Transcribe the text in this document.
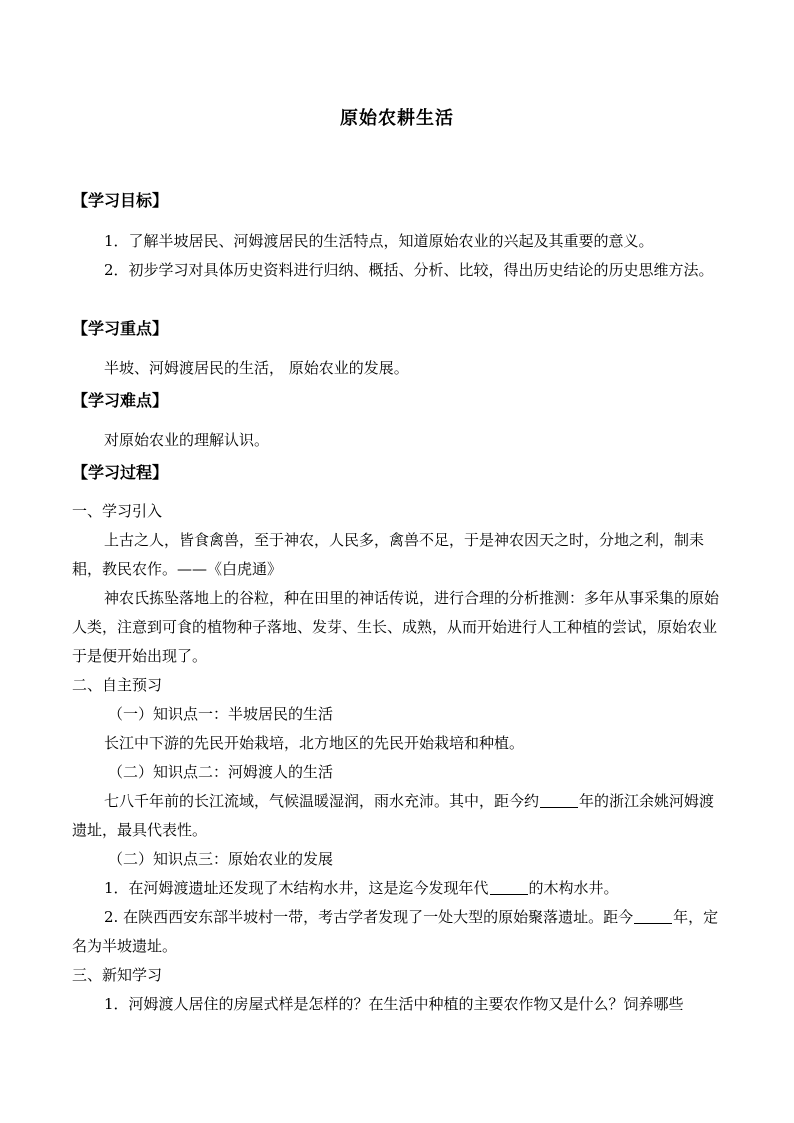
原始农耕生活

【学习目标】

1．了解半坡居民、河姆渡居民的生活特点，知道原始农业的兴起及其重要的意义。

2．初步学习对具体历史资料进行归纳、概括、分析、比较，得出历史结论的历史思维方法。

【学习重点】

半坡、河姆渡居民的生活， 原始农业的发展。

【学习难点】

对原始农业的理解认识。

【学习过程】

一、学习引入

上古之人，皆食禽兽，至于神农，人民多，禽兽不足，于是神农因天之时，分地之利，制耒耜，教民农作。——《白虎通》

神农氏拣坠落地上的谷粒，种在田里的神话传说，进行合理的分析推测：多年从事采集的原始人类，注意到可食的植物种子落地、发芽、生长、成熟，从而开始进行人工种植的尝试，原始农业于是便开始出现了。

二、自主预习

（一）知识点一：半坡居民的生活

长江中下游的先民开始栽培，北方地区的先民开始栽培和种植。

（二）知识点二：河姆渡人的生活

七八千年前的长江流域，气候温暖湿润，雨水充沛。其中，距今约	年的浙江余姚河姆渡遗址，最具代表性。

（二）知识点三：原始农业的发展

1．在河姆渡遗址还发现了木结构水井，这是迄今发现年代	的木构水井。

2. 在陕西西安东部半坡村一带，考古学者发现了一处大型的原始聚落遗址。距今	年，定名为半坡遗址。

三、新知学习

1．河姆渡人居住的房屋式样是怎样的？在生活中种植的主要农作物又是什么？饲养哪些
